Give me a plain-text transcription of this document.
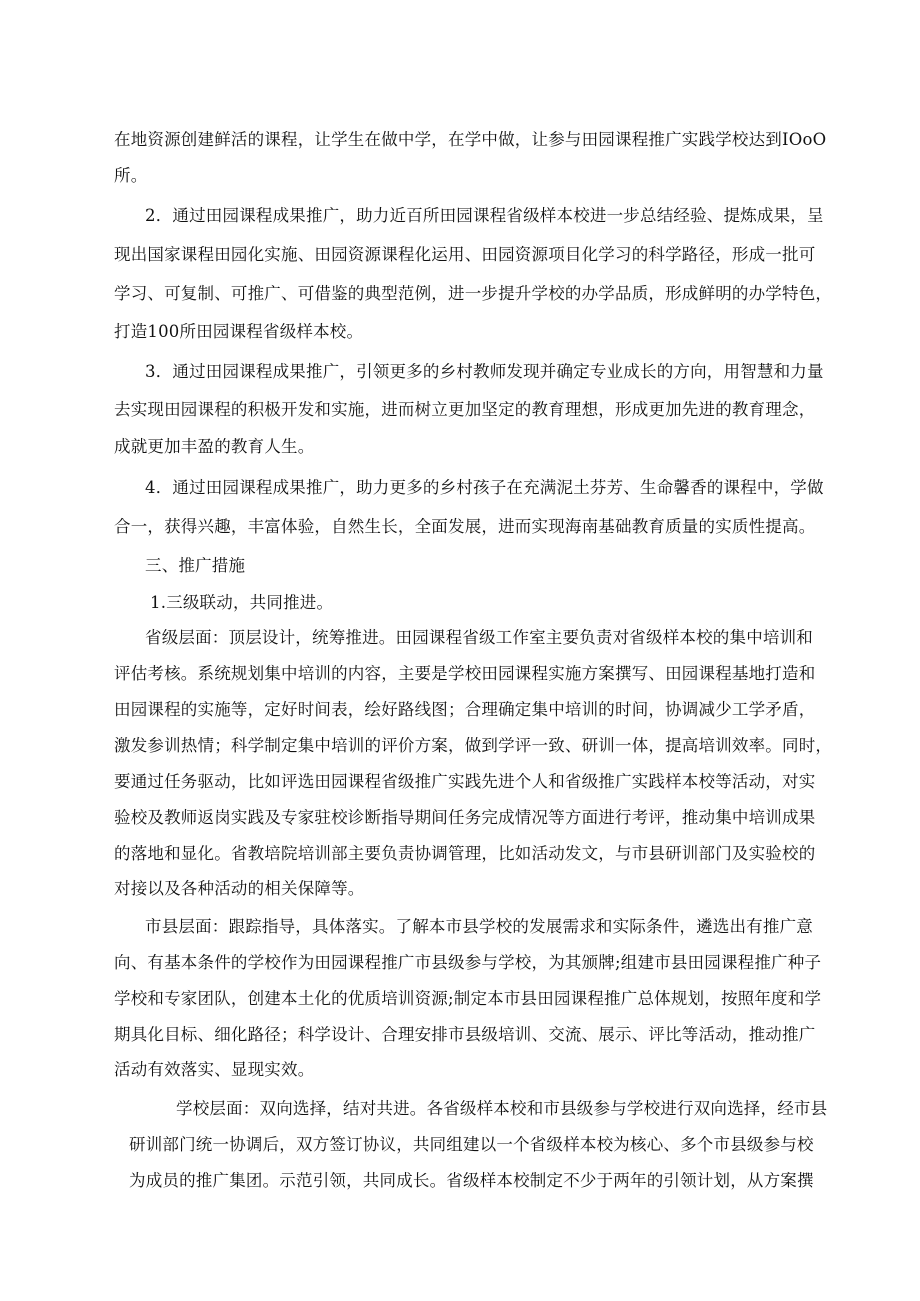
在地资源创建鲜活的课程，让学生在做中学，在学中做，让参与田园课程推广实践学校达到IOoO

所。

2．通过田园课程成果推广，助力近百所田园课程省级样本校进一步总结经验、提炼成果，呈

现出国家课程田园化实施、田园资源课程化运用、田园资源项目化学习的科学路径，形成一批可

学习、可复制、可推广、可借鉴的典型范例，进一步提升学校的办学品质，形成鲜明的办学特色，

打造100所田园课程省级样本校。

3．通过田园课程成果推广，引领更多的乡村教师发现并确定专业成长的方向，用智慧和力量

去实现田园课程的积极开发和实施，进而树立更加坚定的教育理想，形成更加先进的教育理念，

成就更加丰盈的教育人生。

4．通过田园课程成果推广，助力更多的乡村孩子在充满泥土芬芳、生命馨香的课程中，学做

合一，获得兴趣，丰富体验，自然生长，全面发展，进而实现海南基础教育质量的实质性提高。

三、推广措施

1.三级联动，共同推进。

省级层面：顶层设计，统筹推进。田园课程省级工作室主要负责对省级样本校的集中培训和

评估考核。系统规划集中培训的内容，主要是学校田园课程实施方案撰写、田园课程基地打造和

田园课程的实施等，定好时间表，绘好路线图；合理确定集中培训的时间，协调减少工学矛盾，

激发参训热情；科学制定集中培训的评价方案，做到学评一致、研训一体，提高培训效率。同时，

要通过任务驱动，比如评选田园课程省级推广实践先进个人和省级推广实践样本校等活动，对实

验校及教师返岗实践及专家驻校诊断指导期间任务完成情况等方面进行考评，推动集中培训成果

的落地和显化。省教培院培训部主要负责协调管理，比如活动发文，与市县研训部门及实验校的

对接以及各种活动的相关保障等。

市县层面：跟踪指导，具体落实。了解本市县学校的发展需求和实际条件，遴选出有推广意

向、有基本条件的学校作为田园课程推广市县级参与学校，为其颁牌;组建市县田园课程推广种子

学校和专家团队，创建本土化的优质培训资源;制定本市县田园课程推广总体规划，按照年度和学

期具化目标、细化路径；科学设计、合理安排市县级培训、交流、展示、评比等活动，推动推广

活动有效落实、显现实效。

学校层面：双向选择，结对共进。各省级样本校和市县级参与学校进行双向选择，经市县

研训部门统一协调后，双方签订协议，共同组建以一个省级样本校为核心、多个市县级参与校

为成员的推广集团。示范引领，共同成长。省级样本校制定不少于两年的引领计划，从方案撰
